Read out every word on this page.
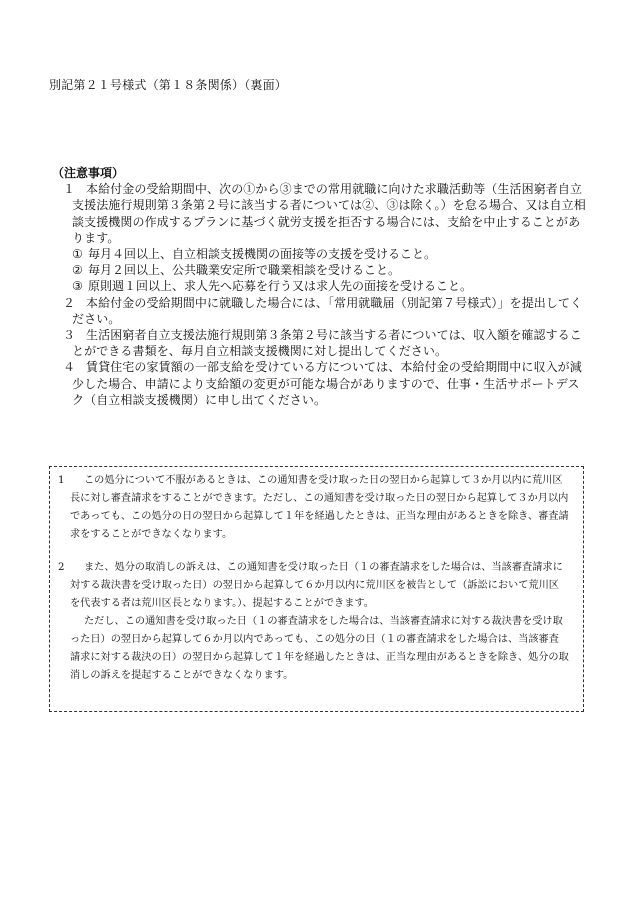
別記第２１号様式（第１８条関係）（裏面）
（注意事項）
１ 本給付金の受給期間中、次の①から③までの常用就職に向けた求職活動等（生活困窮者自立支援法施行規則第３条第２号に該当する者については②、③は除く。）を怠る場合、又は自立相談支援機関の作成するプランに基づく就労支援を拒否する場合には、支給を中止することがあります。
① 毎月４回以上、自立相談支援機関の面接等の支援を受けること。
② 毎月２回以上、公共職業安定所で職業相談を受けること。
③ 原則週１回以上、求人先へ応募を行う又は求人先の面接を受けること。
２ 本給付金の受給期間中に就職した場合には、「常用就職届（別記第７号様式）」を提出してください。
３ 生活困窮者自立支援法施行規則第３条第２号に該当する者については、収入額を確認することができる書類を、毎月自立相談支援機関に対し提出してください。
４ 賃貸住宅の家賃額の一部支給を受けている方については、本給付金の受給期間中に収入が減少した場合、申請により支給額の変更が可能な場合がありますので、仕事・生活サポートデスク（自立相談支援機関）に申し出てください。
1	この処分について不服があるときは、この通知書を受け取った日の翌日から起算して３か月以内に荒川区長に対し審査請求をすることができます。ただし、この通知書を受け取った日の翌日から起算して３か月以内であっても、この処分の日の翌日から起算して１年を経過したときは、正当な理由があるときを除き、審査請求をすることができなくなります。
2	また、処分の取消しの訴えは、この通知書を受け取った日（１の審査請求をした場合は、当該審査請求に対する裁決書を受け取った日）の翌日から起算して６か月以内に荒川区を被告として（訴訟において荒川区を代表する者は荒川区長となります。）、提起することができます。
ただし、この通知書を受け取った日（１の審査請求をした場合は、当該審査請求に対する裁決書を受け取った日）の翌日から起算して６か月以内であっても、この処分の日（１の審査請求をした場合は、当該審査請求に対する裁決の日）の翌日から起算して１年を経過したときは、正当な理由があるときを除き、処分の取消しの訴えを提起することができなくなります。
